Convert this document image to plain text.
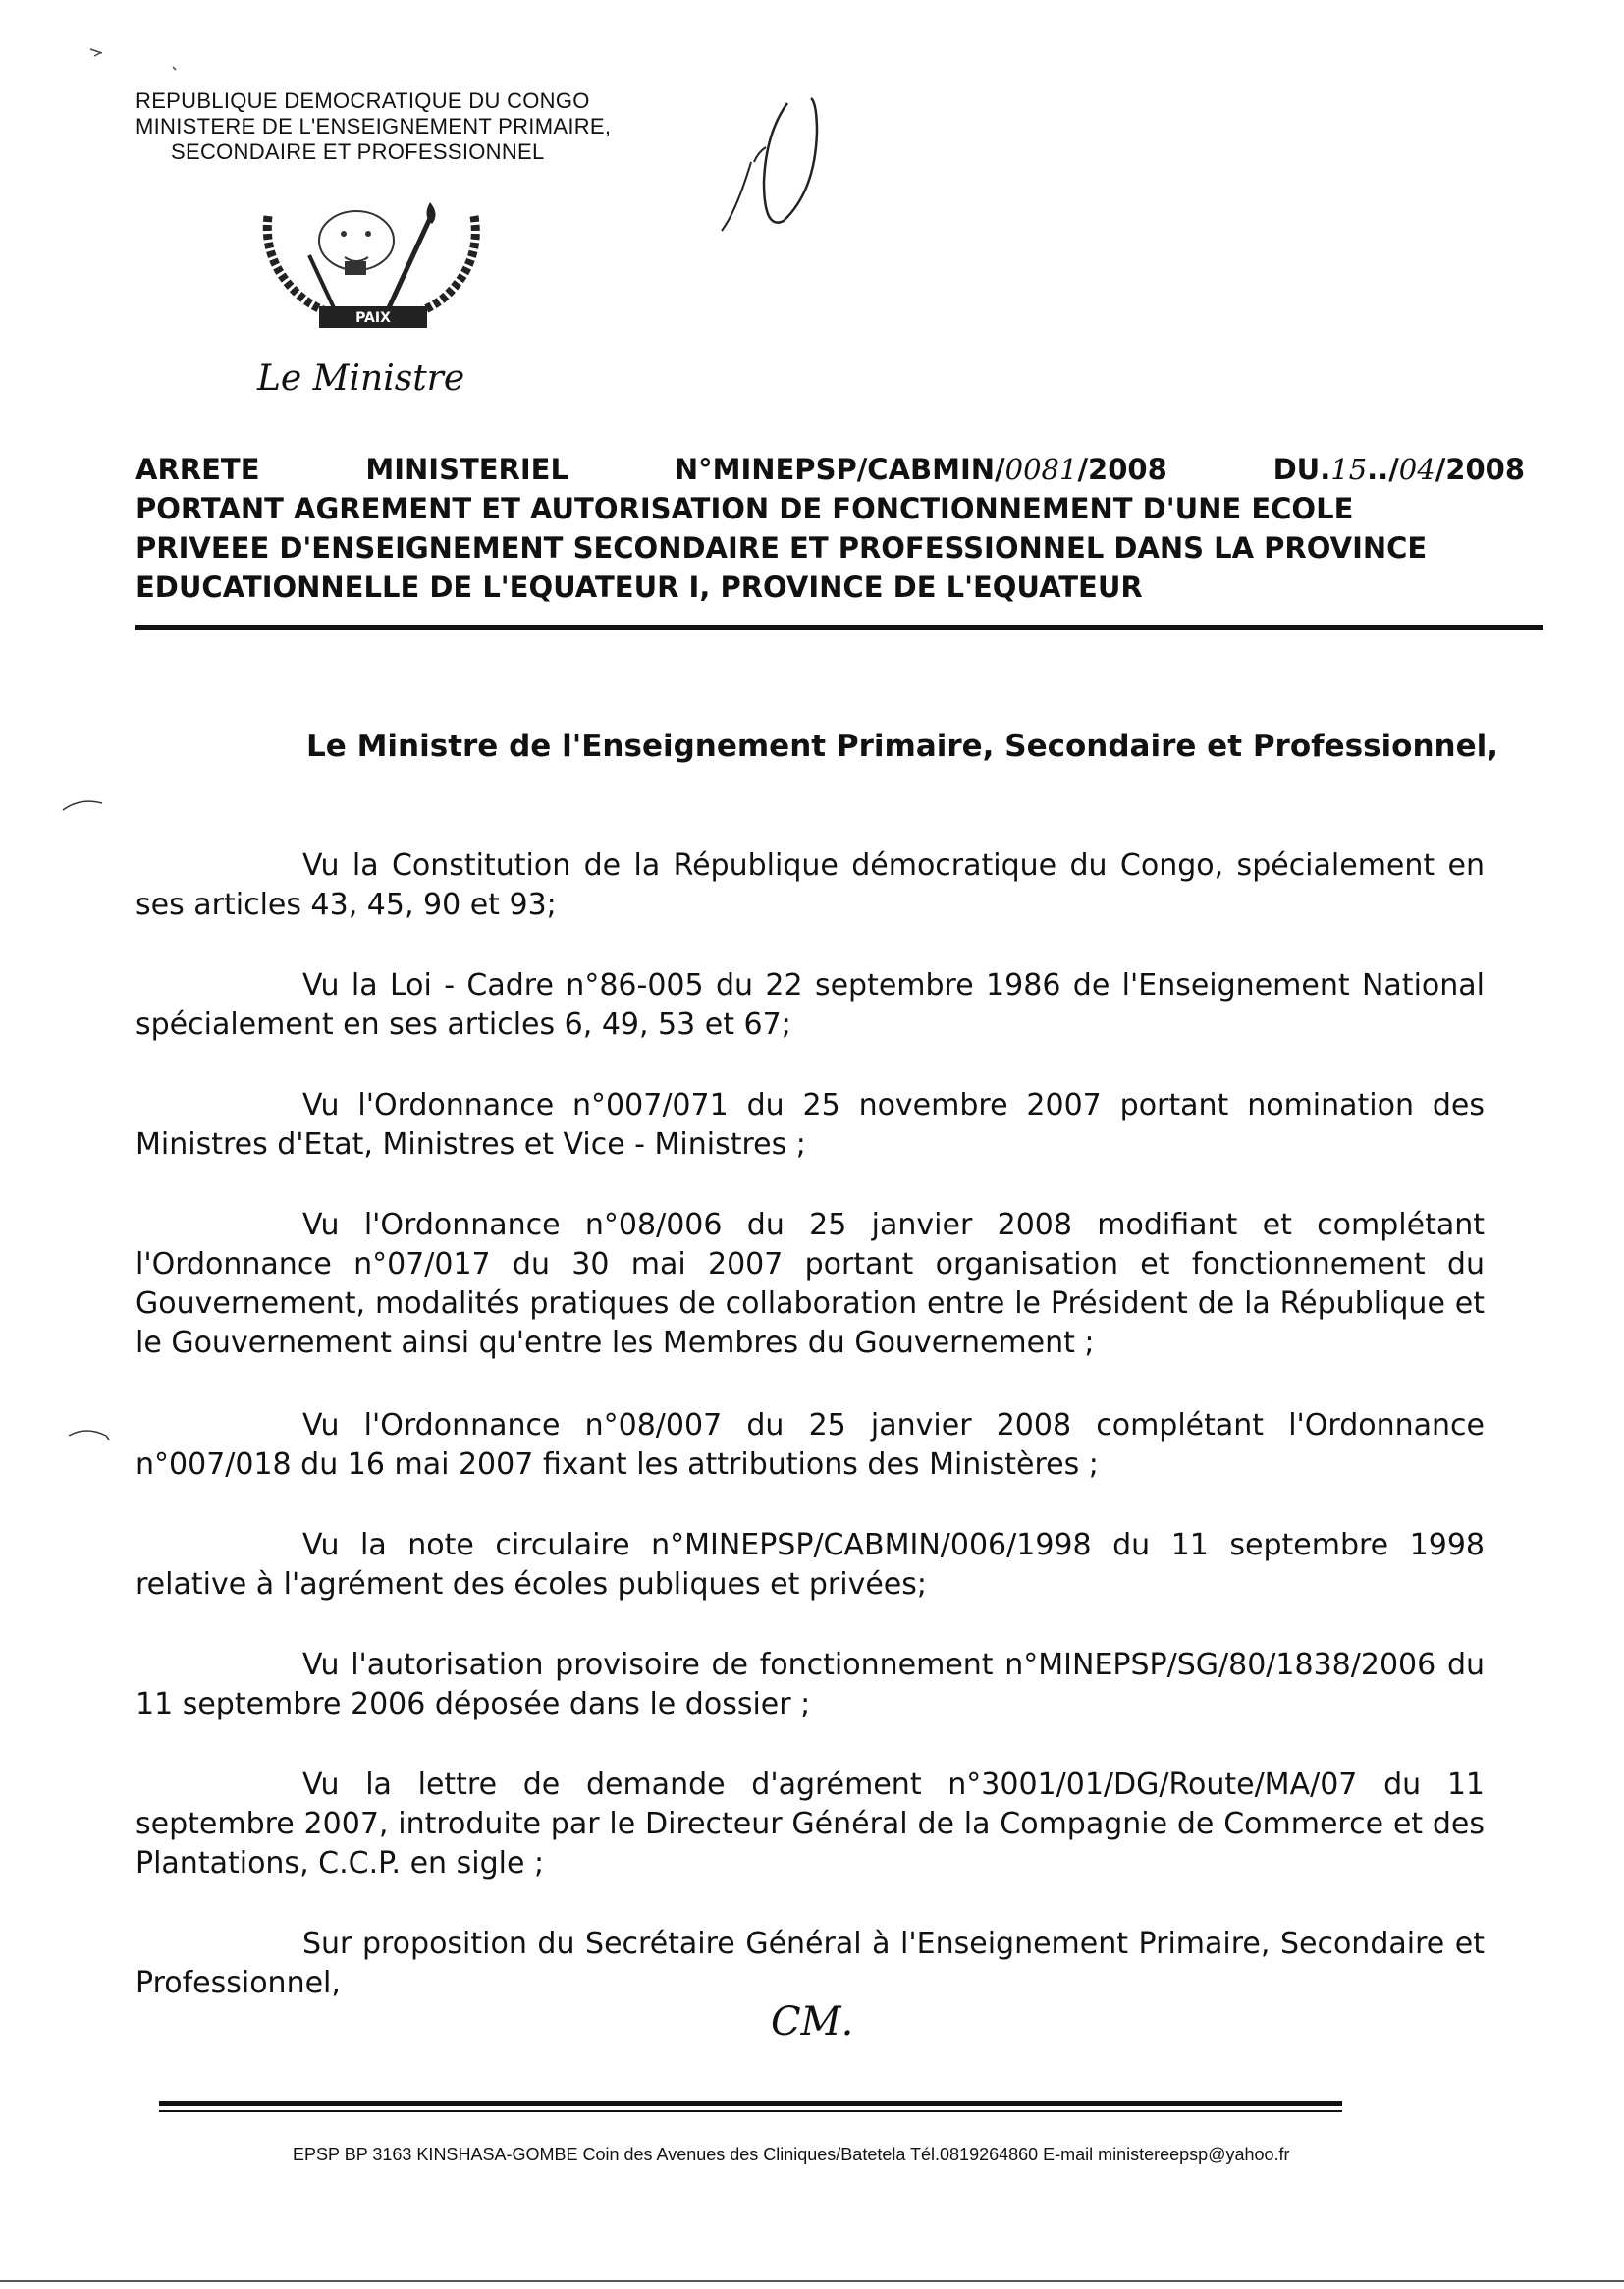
REPUBLIQUE DEMOCRATIQUE DU CONGO
MINISTERE DE L'ENSEIGNEMENT PRIMAIRE,
SECONDAIRE ET PROFESSIONNEL
PAIX
Le Ministre
ARRETE	MINISTERIEL	N°MINEPSP/CABMIN/0081/2008	DU.15../04/2008
PORTANT AGREMENT ET AUTORISATION DE FONCTIONNEMENT D'UNE ECOLE
PRIVEEE D'ENSEIGNEMENT SECONDAIRE ET PROFESSIONNEL DANS LA PROVINCE
EDUCATIONNELLE DE L'EQUATEUR I, PROVINCE DE L'EQUATEUR
Le Ministre de l'Enseignement Primaire, Secondaire et Professionnel,
Vu la Constitution de la République démocratique du Congo, spécialement en ses articles 43, 45, 90 et 93;
Vu la Loi - Cadre n°86-005 du 22 septembre 1986 de l'Enseignement National spécialement en ses articles 6, 49, 53 et 67;
Vu l'Ordonnance n°007/071 du 25 novembre 2007 portant nomination des Ministres d'Etat, Ministres et Vice - Ministres ;
Vu l'Ordonnance n°08/006 du 25 janvier 2008 modifiant et complétant l'Ordonnance n°07/017 du 30 mai 2007 portant organisation et fonctionnement du Gouvernement, modalités pratiques de collaboration entre le Président de la République et le Gouvernement ainsi qu'entre les Membres du Gouvernement ;
Vu l'Ordonnance n°08/007 du 25 janvier 2008 complétant l'Ordonnance n°007/018 du 16 mai 2007 fixant les attributions des Ministères ;
Vu la note circulaire n°MINEPSP/CABMIN/006/1998 du 11 septembre 1998 relative à l'agrément des écoles publiques et privées;
Vu l'autorisation provisoire de fonctionnement n°MINEPSP/SG/80/1838/2006 du 11 septembre 2006 déposée dans le dossier ;
Vu la lettre de demande d'agrément n°3001/01/DG/Route/MA/07 du 11 septembre 2007, introduite par le Directeur Général de la Compagnie de Commerce et des Plantations, C.C.P. en sigle ;
Sur proposition du Secrétaire Général à l'Enseignement Primaire, Secondaire et Professionnel,
CM.
EPSP BP 3163 KINSHASA-GOMBE Coin des Avenues des Cliniques/Batetela Tél.0819264860 E-mail ministereepsp@yahoo.fr
